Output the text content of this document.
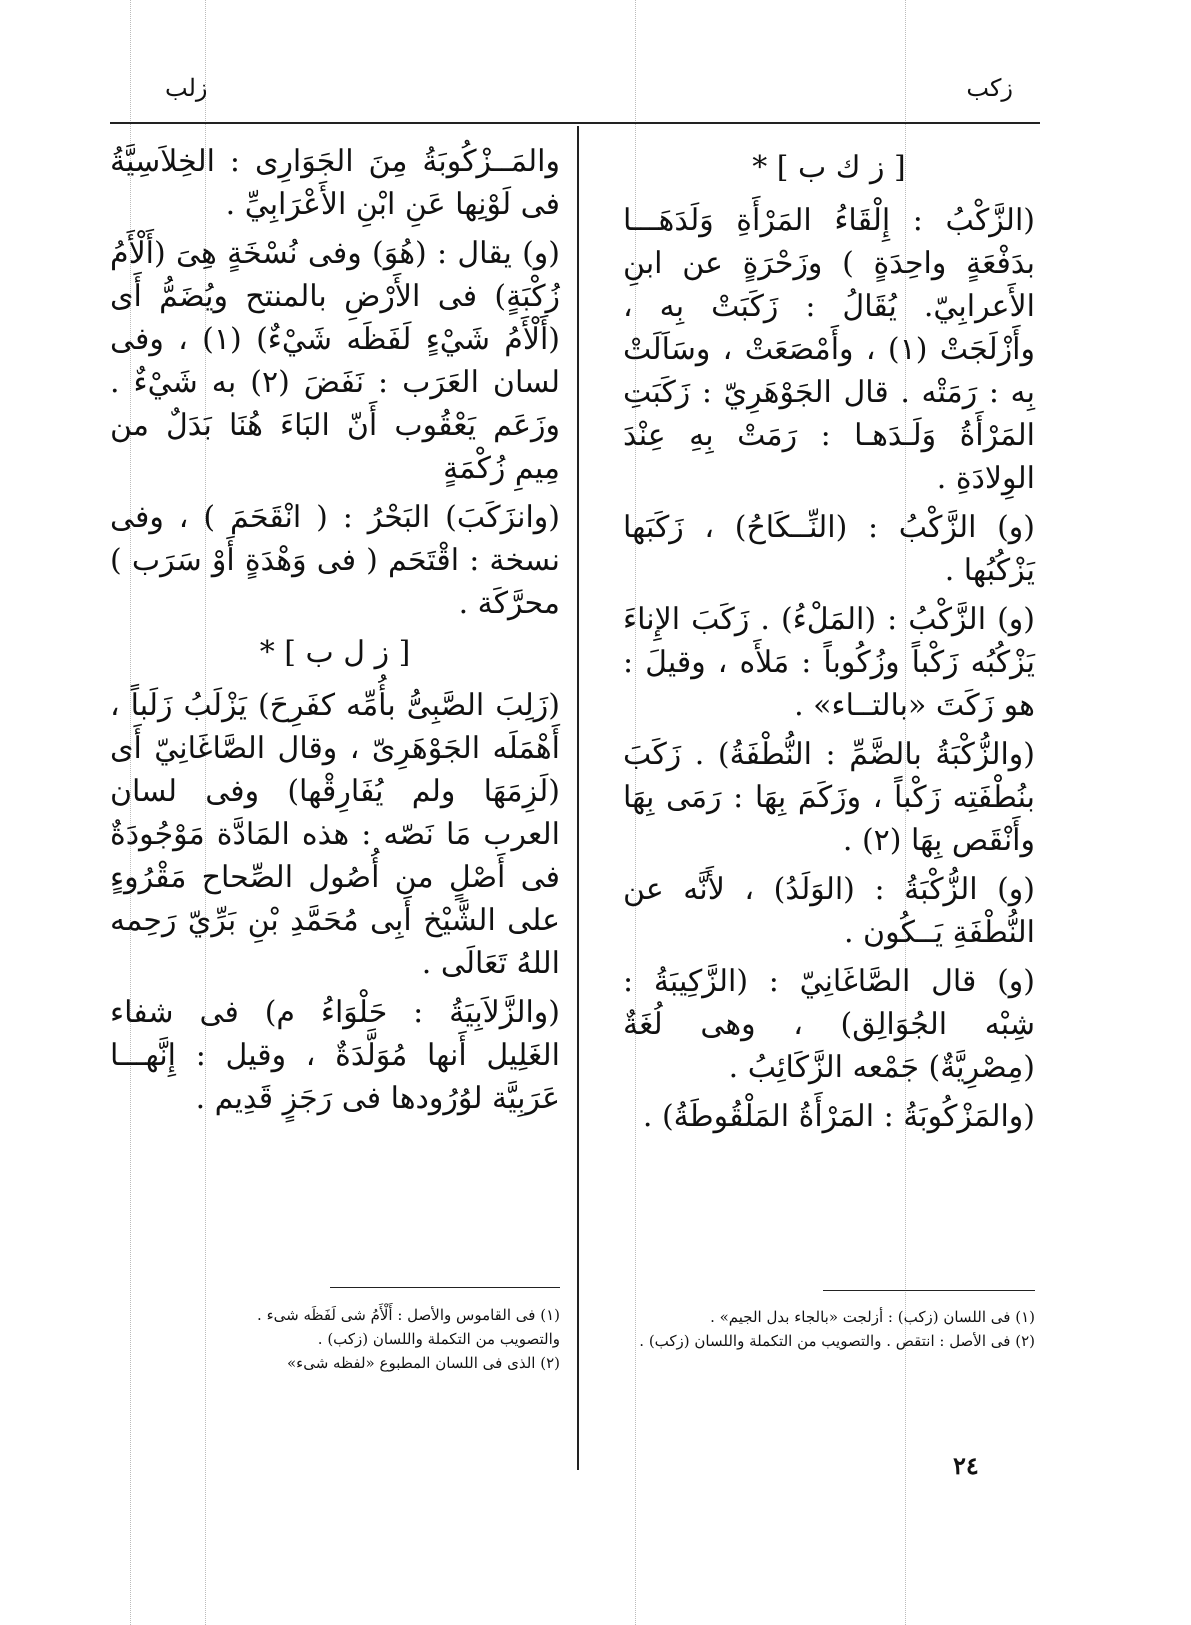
زكب
زلب

[ ز ك ب ] *

(الزَّكْبُ : إِلْقَاءُ المَرْأَةِ وَلَدَهَـــا بدَفْعَةٍ واحِدَةٍ ) وزَحْرَةٍ عن ابنِ الأَعرابِيّ. يُقَالُ : زَكَبَتْ بِه ، وأَزْلَجَتْ (١) ، وأَمْصَعَتْ ، وسَاَلَتْ بِه : رَمَتْه . قال الجَوْهَرِيّ : زَكَبَتِ المَرْأَةُ وَلَـدَهـا : رَمَتْ بِهِ عِنْدَ الوِلادَةِ .

(و) الزَّكْبُ : (النِّــكَاحُ) ، زَكَبَها يَزْكُبُها .

(و) الزَّكْبُ : (المَلْءُ) . زَكَبَ الإِناءَ يَزْكُبُه زَكْباً وزُكُوباً : مَلأَه ، وقيلَ : هو زَكَتَ «بالتــاء» .

(والزُّكْبَةُ بالضَّمِّ : النُّطْفَةُ) . زَكَبَ بنُطْفَتِه زَكْباً ، وزَكَمَ بِهَا : رَمَى بِهَا وأَنْقَص بِهَا (٢) .

(و) الزُّكْبَةُ : (الوَلَدُ) ، لأَنَّه عن النُّطْفَةِ يَــكُون .

(و) قال الصَّاغَانِيّ : (الزَّكِيبَةُ : شِبْه الجُوَالِق) ، وهى لُغَةٌ (مِصْرِيَّةٌ) جَمْعه الزَّكَائِبُ .

(والمَزْكُوبَةُ : المَرْأَةُ المَلْقُوطَةُ) .

والمَــزْكُوبَةُ مِنَ الجَوَارِى : الخِلاَسِيَّةُ فى لَوْنِها عَنِ ابْنِ الأَعْرَابِيِّ .

(و) يقال : (هُوَ) وفى نُسْخَةٍ هِىَ (أَلْأَمُ زُكْبَةٍ) فى الأَرْضِ بالمنتح ويُضَمُّ أَى (أَلْأَمُ شَيْءٍ لَفَظَه شَيْءٌ) (١) ، وفى لسان العَرَب : نَفَضَ (٢) به شَيْءٌ . وزَعَم يَعْقُوب أَنّ البَاءَ هُنَا بَدَلٌ من مِيمِ زُكْمَةٍ

(وانزَكَبَ) البَحْرُ : ( انْقَحَمَ ) ، وفى نسخة : اقْتَحَم ( فى وَهْدَةٍ أَوْ سَرَب ) محرَّكَة .

[ ز ل ب ] *

(زَلِبَ الصَّبِىُّ بأُمِّه كفَرِحَ) يَزْلَبُ زَلَباً ، أَهْمَلَه الجَوْهَرِىّ ، وقال الصَّاغَانِيّ أَى (لَزِمَهَا ولم يُفَارِقْها) وفى لسان العرب مَا نَصّه : هذه المَادَّة مَوْجُودَةٌ فى أَصْلٍ من أُصُول الصِّحاح مَقْرُوءٍ على الشَّيْخ أَبِى مُحَمَّدِ بْنِ بَرِّيّ رَحِمه اللهُ تَعَالَى .

(والزَّلاَبِيَةُ : حَلْوَاءُ م) فى شفاء الغَلِيل أَنها مُوَلَّدَةٌ ، وقيل : إِنَّهـــا عَرَبِيَّة لوُرُودها فى رَجَزٍ قَدِيم .

(١) فى اللسان (زكب) : أزلجت «بالجاء بدل الجيم» .
(٢) فى الأصل : انتقص . والتصويب من التكملة واللسان (زكب) .
(١) فى القاموس والأصل : أَلْأَمُ شى لَفَظَه شىء .
والتصويب من التكملة واللسان (زكب) .
(٢) الذى فى اللسان المطبوع «لفظه شىء»
٢٤
